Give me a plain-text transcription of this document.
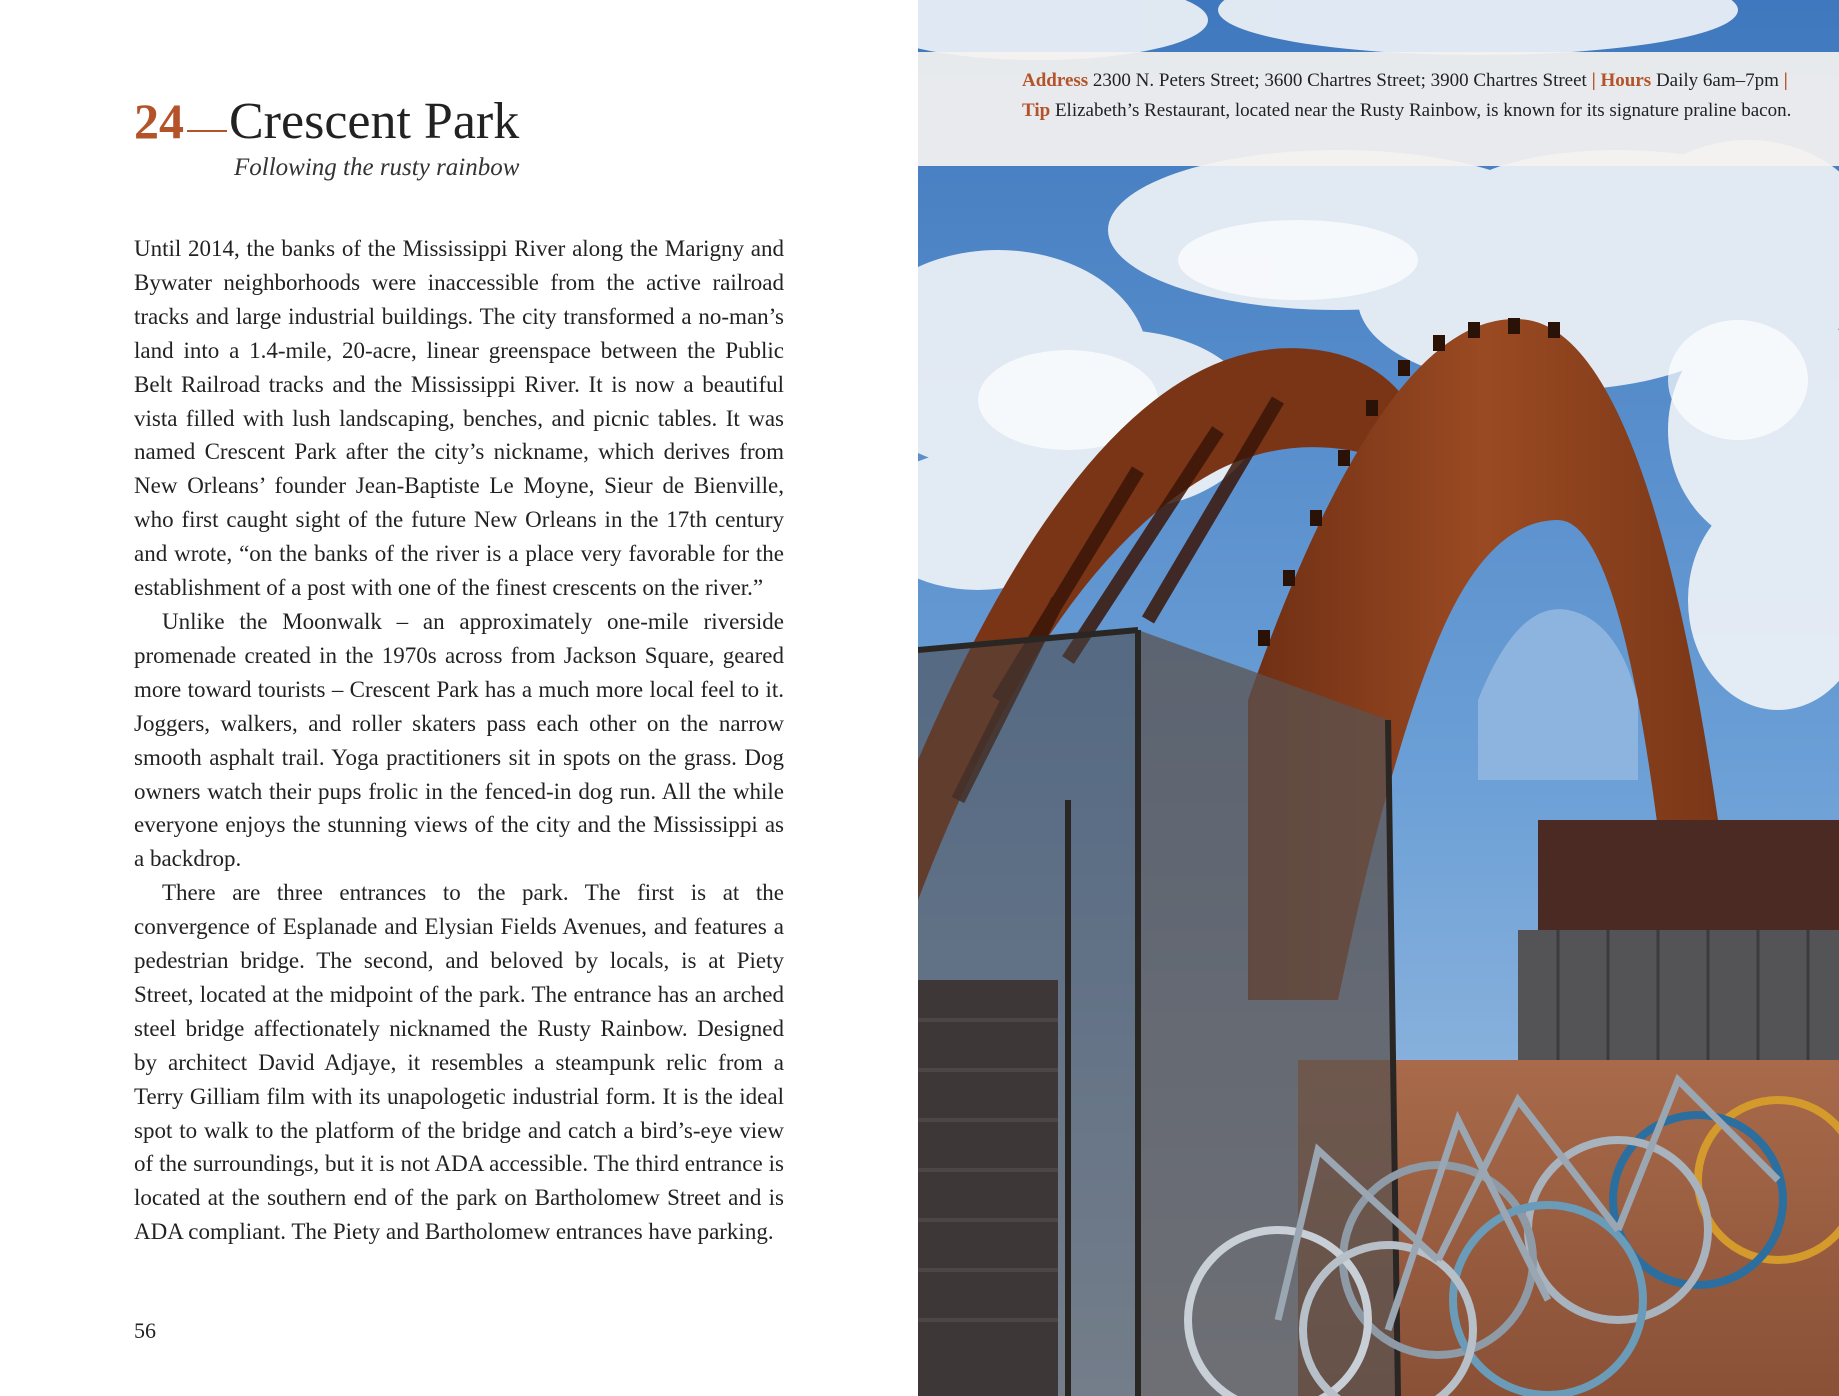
24 Crescent Park
Following the rusty rainbow

Until 2014, the banks of the Mississippi River along the Marigny and Bywater neighborhoods were inaccessible from the active railroad tracks and large industrial buildings. The city transformed a no-man’s land into a 1.4-mile, 20-acre, linear greenspace between the Public Belt Railroad tracks and the Mississippi River. It is now a beautiful vista filled with lush landscaping, benches, and picnic tables. It was named Crescent Park after the city’s nickname, which derives from New Orleans’ founder Jean-Baptiste Le Moyne, Sieur de Bienville, who first caught sight of the future New Orleans in the 17th century and wrote, “on the banks of the river is a place very favorable for the establishment of a post with one of the finest crescents on the river.”

Unlike the Moonwalk – an approximately one-mile riverside promenade created in the 1970s across from Jackson Square, geared more toward tourists – Crescent Park has a much more local feel to it. Joggers, walkers, and roller skaters pass each other on the narrow smooth asphalt trail. Yoga practitioners sit in spots on the grass. Dog owners watch their pups frolic in the fenced-in dog run. All the while everyone enjoys the stunning views of the city and the Mississippi as a backdrop.

There are three entrances to the park. The first is at the convergence of Esplanade and Elysian Fields Avenues, and features a pedestrian bridge. The second, and beloved by locals, is at Piety Street, located at the midpoint of the park. The entrance has an arched steel bridge affectionately nicknamed the Rusty Rainbow. Designed by architect David Adjaye, it resembles a steampunk relic from a Terry Gilliam film with its unapologetic industrial form. It is the ideal spot to walk to the platform of the bridge and catch a bird’s-eye view of the surroundings, but it is not ADA accessible. The third entrance is located at the southern end of the park on Bartholomew Street and is ADA compliant. The Piety and Bartholomew entrances have parking.

56
Address 2300 N. Peters Street; 3600 Chartres Street; 3900 Chartres Street | Hours Daily 6am–7pm | Tip Elizabeth’s Restaurant, located near the Rusty Rainbow, is known for its signature praline bacon.
